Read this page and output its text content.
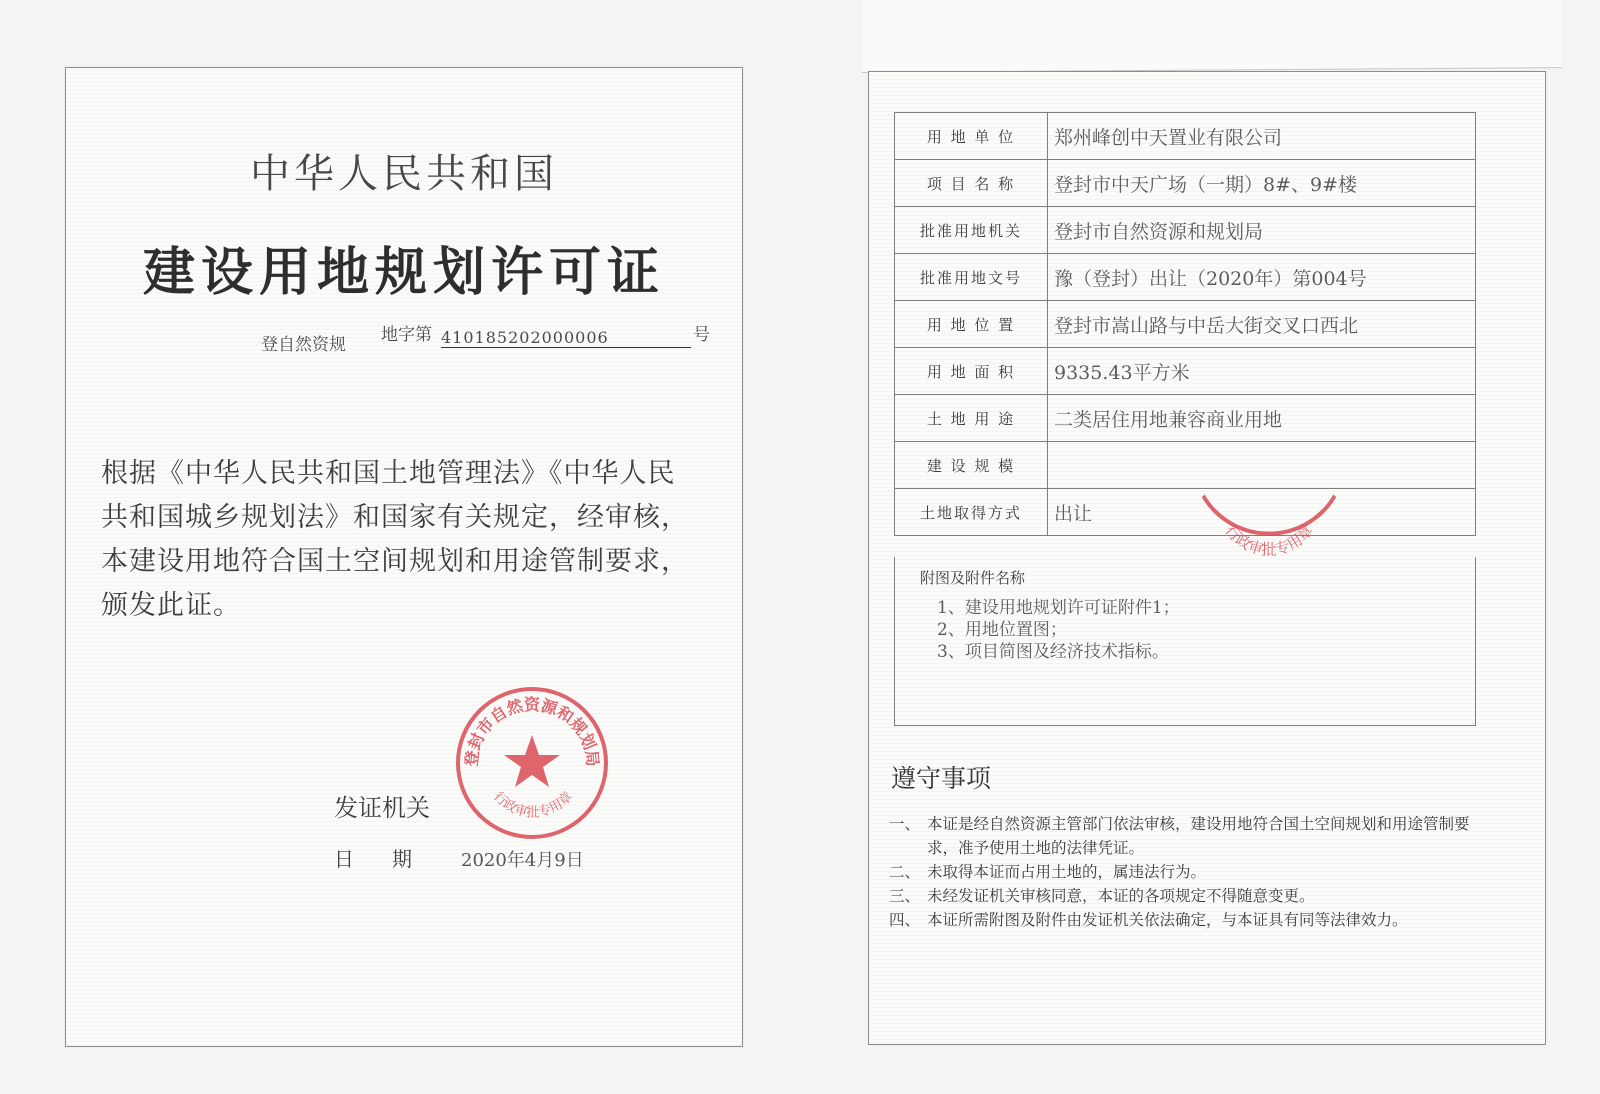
中华人民共和国
建设用地规划许可证
登自然资规 地字第 410185202000006	号
根据《中华人民共和国土地管理法》《中华人民共和国城乡规划法》和国家有关规定，经审核，本建设用地符合国土空间规划和用途管制要求，颁发此证。
登封市自然资源和规划局
行政审批专用章
发证机关
日期 2020年4月9日
用 地 单 位	郑州峰创中天置业有限公司
项 目 名 称	登封市中天广场（一期）8#、9#楼
批准用地机关	登封市自然资源和规划局
批准用地文号	豫（登封）出让（2020年）第004号
用 地 位 置	登封市嵩山路与中岳大街交叉口西北
用 地 面 积	9335.43平方米
土 地 用 途	二类居住用地兼容商业用地
建 设 规 模	
土地取得方式	出让
附图及附件名称
1、建设用地规划许可证附件1；
2、用地位置图；
3、项目简图及经济技术指标。
行政审批专用章
遵守事项
一、 本证是经自然资源主管部门依法审核，建设用地符合国土空间规划和用途管制要求，准予使用土地的法律凭证。
二、 未取得本证而占用土地的，属违法行为。
三、 未经发证机关审核同意，本证的各项规定不得随意变更。
四、 本证所需附图及附件由发证机关依法确定，与本证具有同等法律效力。
